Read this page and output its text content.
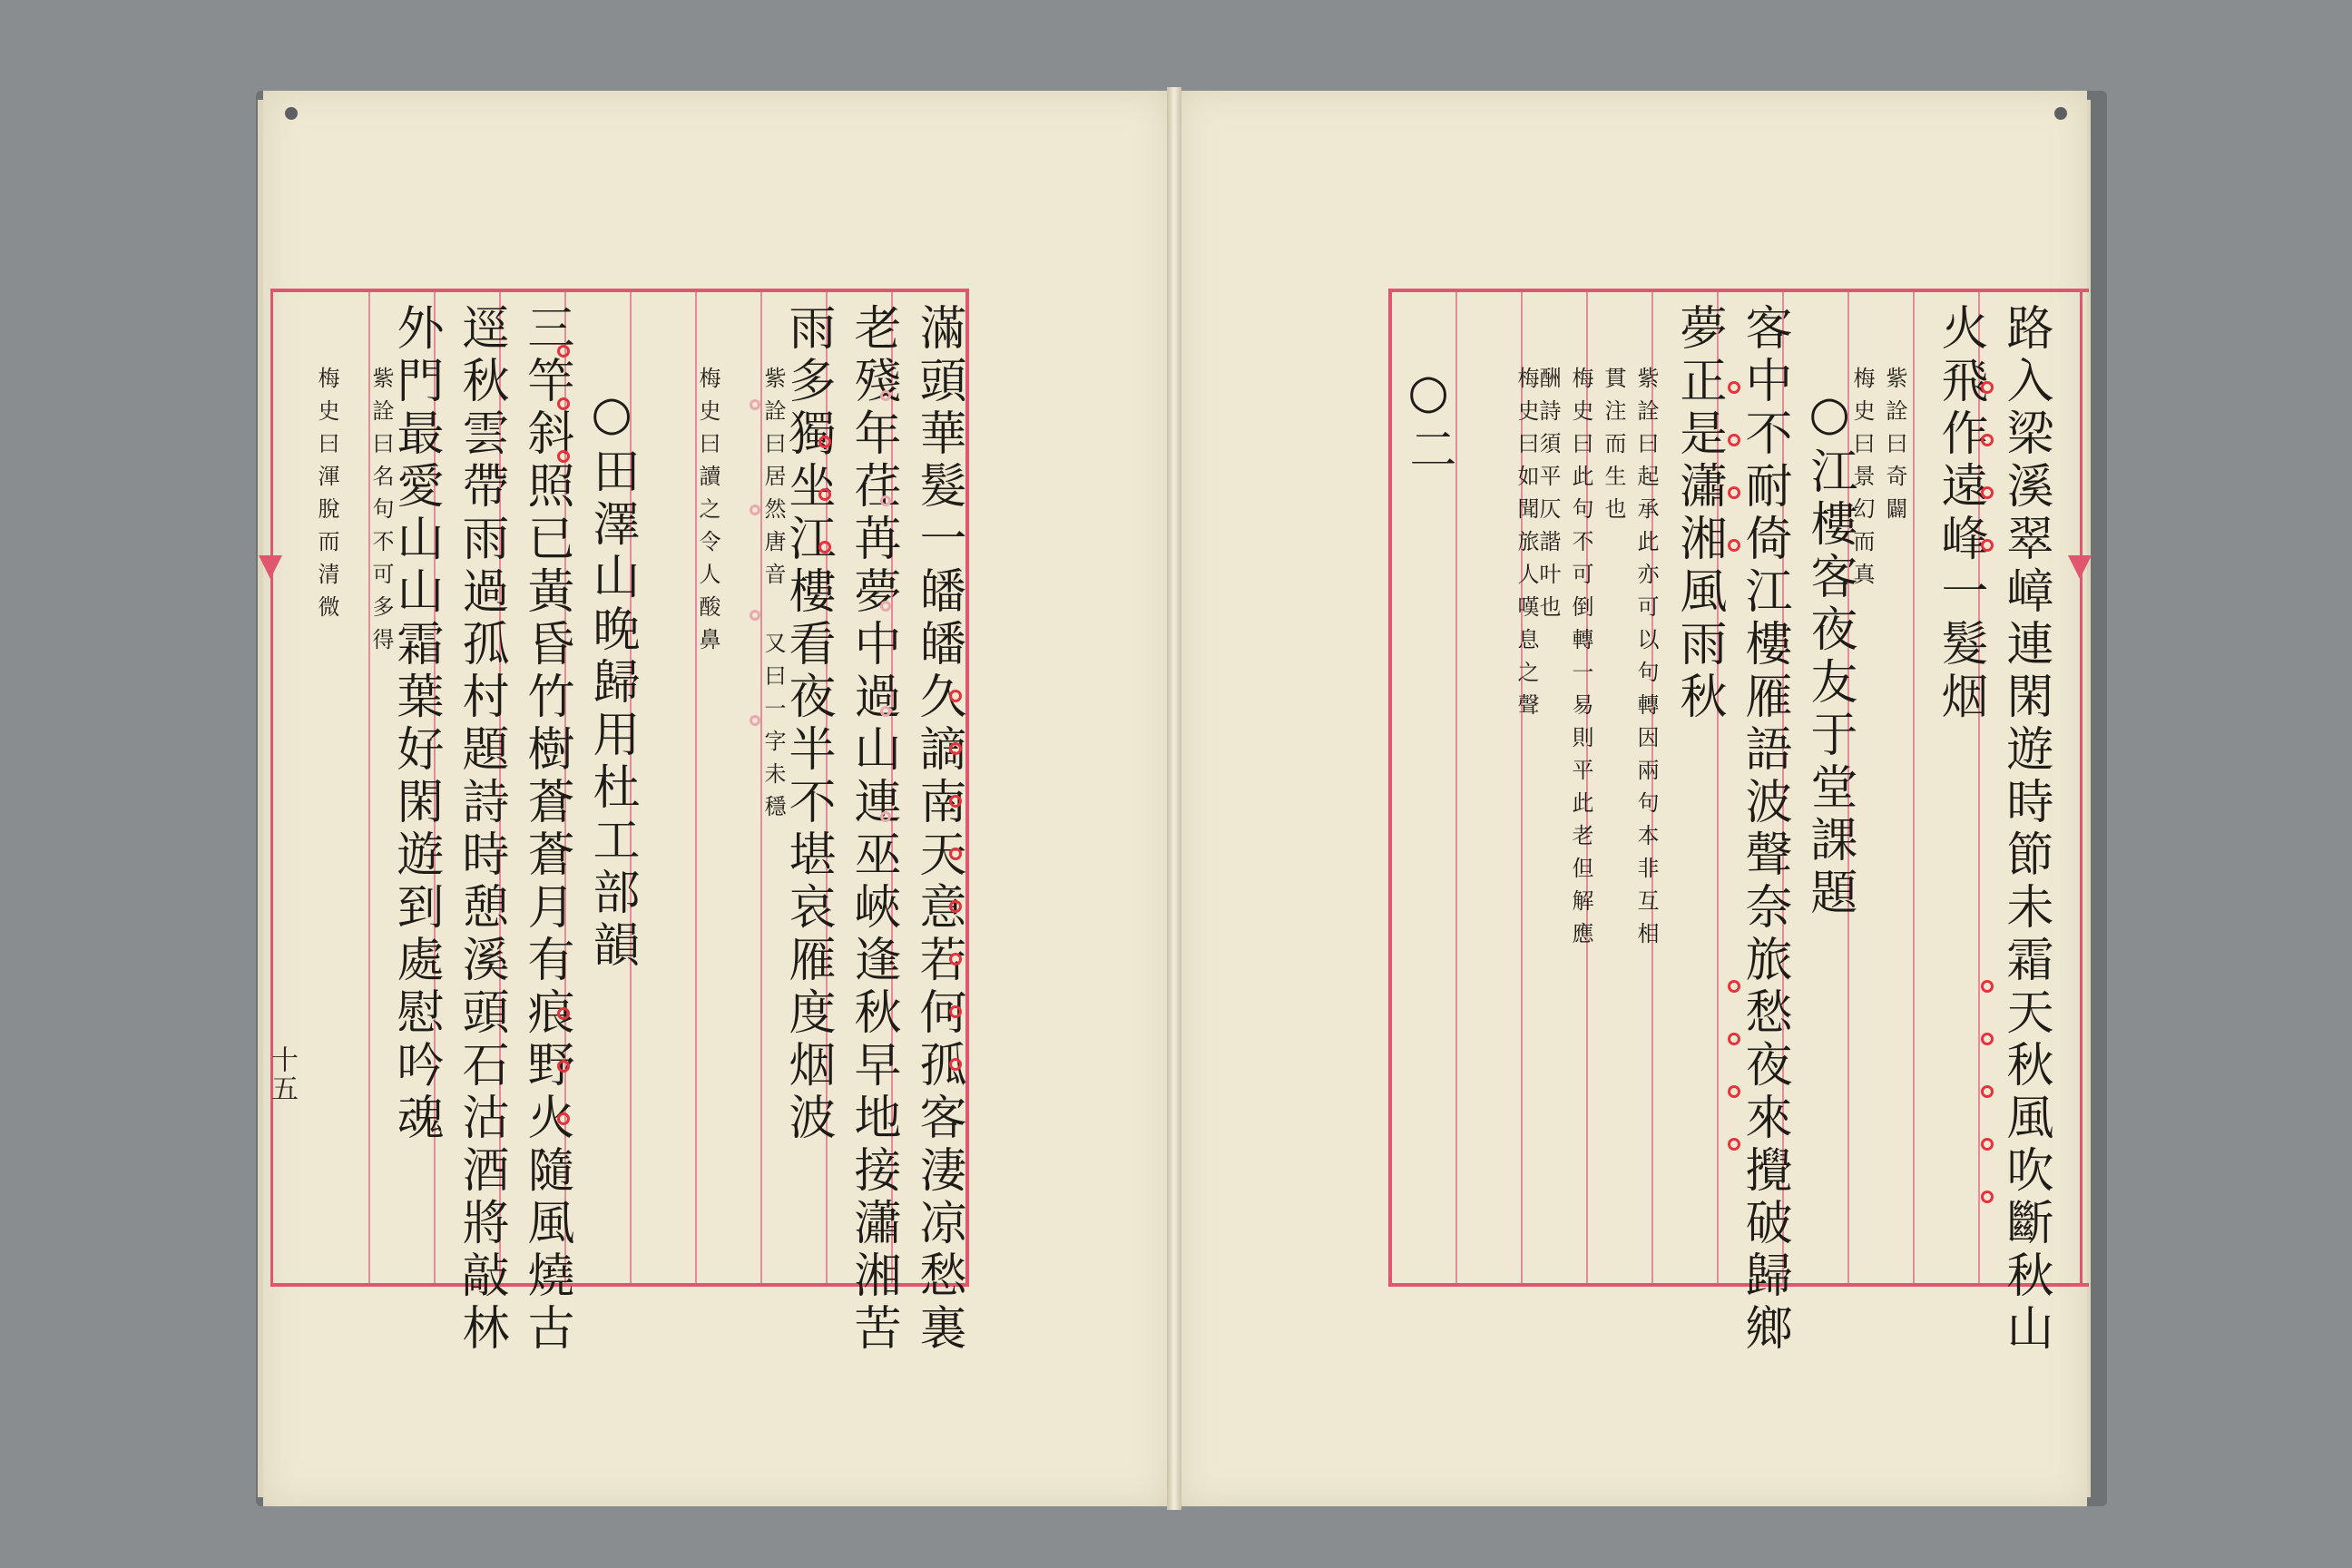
滿頭華髮一皤皤久謫南天意若何孤客淒凉愁裏
老殘年荏苒夢中過山連巫峽逢秋早地接瀟湘苦
雨多獨坐江樓看夜半不堪哀雁度烟波
紫詮曰居然唐音 又曰一字未穩
梅史曰讀之令人酸鼻
○田澤山晚歸用杜工部韻
三竿斜照已黃昏竹樹蒼蒼月有痕野火隨風燒古
逕秋雲帶雨過孤村題詩時憩溪頭石沽酒將敲林
外門最愛山山霜葉好閑遊到處慰吟魂
紫詮曰名句不可多得
梅史曰渾脫而清微
十五	路入梁溪翠嶂連閑遊時節未霜天秋風吹斷秋山
火飛作遠峰一髮烟
紫詮曰奇闢
梅史曰景幻而真
○江樓客夜友于堂課題
客中不耐倚江樓雁語波聲奈旅愁夜來攪破歸鄉
夢正是瀟湘風雨秋
紫詮曰起承此亦可以句轉因兩句本非互相
貫注而生也
梅史曰此句不可倒轉一易則平此老但解應
酬詩須平仄諧叶也
梅史曰如聞旅人嘆息之聲
○二
